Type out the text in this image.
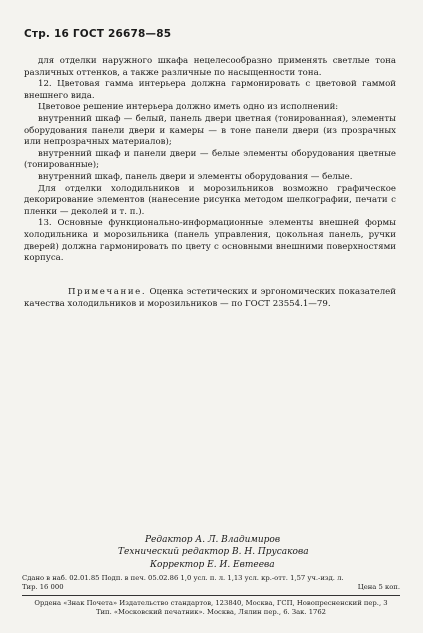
Стр. 16 ГОСТ 26678—85

для отделки наружного шкафа нецелесообразно применять светлые тона различных оттенков, а также различные по насыщенности тона.

12. Цветовая гамма интерьера должна гармонировать с цветовой гаммой внешнего вида.

Цветовое решение интерьера должно иметь одно из исполнений:

внутренний шкаф — белый, панель двери цветная (тонированная), элементы оборудования панели двери и камеры — в тоне панели двери (из прозрачных или непрозрачных материалов);

внутренний шкаф и панели двери — белые элементы оборудования цветные (тонированные);

внутренний шкаф, панель двери и элементы оборудования — белые.

Для отделки холодильников и морозильников возможно графическое декорирование элементов (нанесение рисунка методом шелкографии, печати с пленки — деколей и т. п.).

13. Основные функционально-информационные элементы внешней формы холодильника и морозильника (панель управления, цокольная панель, ручки дверей) должна гармонировать по цвету с основными внешними поверхностями корпуса.

Примечание. Оценка эстетических и эргономических показателей качества холодильников и морозильников — по ГОСТ 23554.1—79.

Редактор А. Л. Владимиров
Технический редактор В. Н. Прусакова
Корректор Е. И. Евтеева
Сдано в наб. 02.01.85 Подп. в печ. 05.02.86 1,0 усл. п. л. 1,13 усл. кр.-отт. 1,57 уч.-изд. л.
Тир. 16 000	Цена 5 коп.
Ордена «Знак Почета» Издательство стандартов, 123840, Москва, ГСП, Новопресненский пер., 3
Тип. «Московский печатник». Москва, Лялин пер., 6. Зак. 1762
